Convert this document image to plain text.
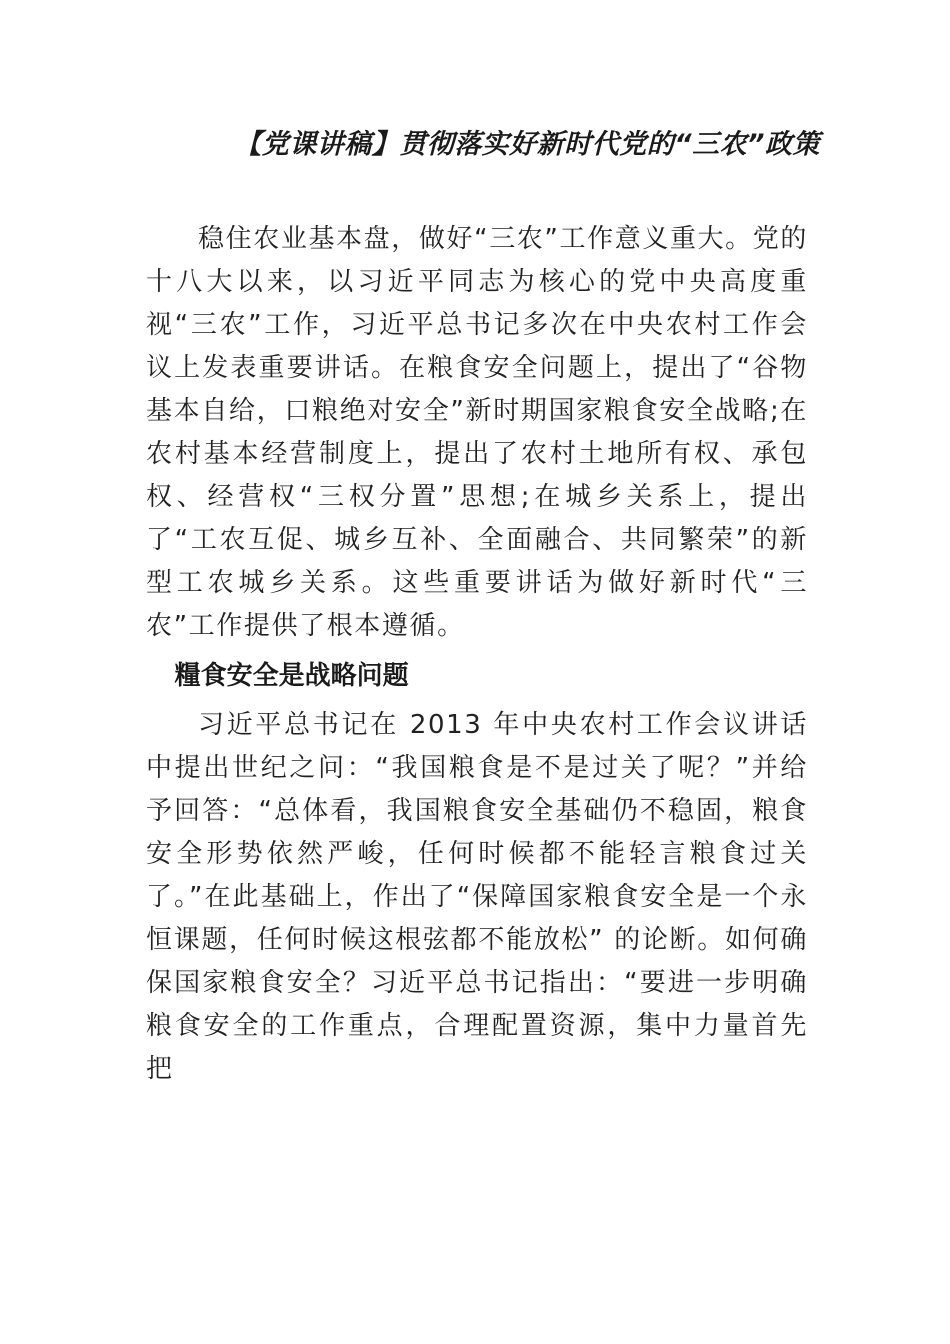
【党课讲稿】贯彻落实好新时代党的“三农”政策

稳住农业基本盘，做好“三农”工作意义重大。党的十八大以来，以习近平同志为核心的党中央高度重视“三农”工作，习近平总书记多次在中央农村工作会议上发表重要讲话。在粮食安全问题上，提出了“谷物基本自给，口粮绝对安全”新时期国家粮食安全战略;在农村基本经营制度上，提出了农村土地所有权、承包权、经营权“三权分置”思想;在城乡关系上，提出了“工农互促、城乡互补、全面融合、共同繁荣”的新型工农城乡关系。这些重要讲话为做好新时代“三农”工作提供了根本遵循。

糧食安全是战略问题

习近平总书记在 2013 年中央农村工作会议讲话中提出世纪之问：“我国粮食是不是过关了呢？”并给予回答：“总体看，我国粮食安全基础仍不稳固，粮食安全形势依然严峻，任何时候都不能轻言粮食过关了。”在此基础上，作出了“保障国家粮食安全是一个永恒课题，任何时候这根弦都不能放松” 的论断。如何确保国家粮食安全？习近平总书记指出：“要进一步明确粮食安全的工作重点，合理配置资源，集中力量首先把
